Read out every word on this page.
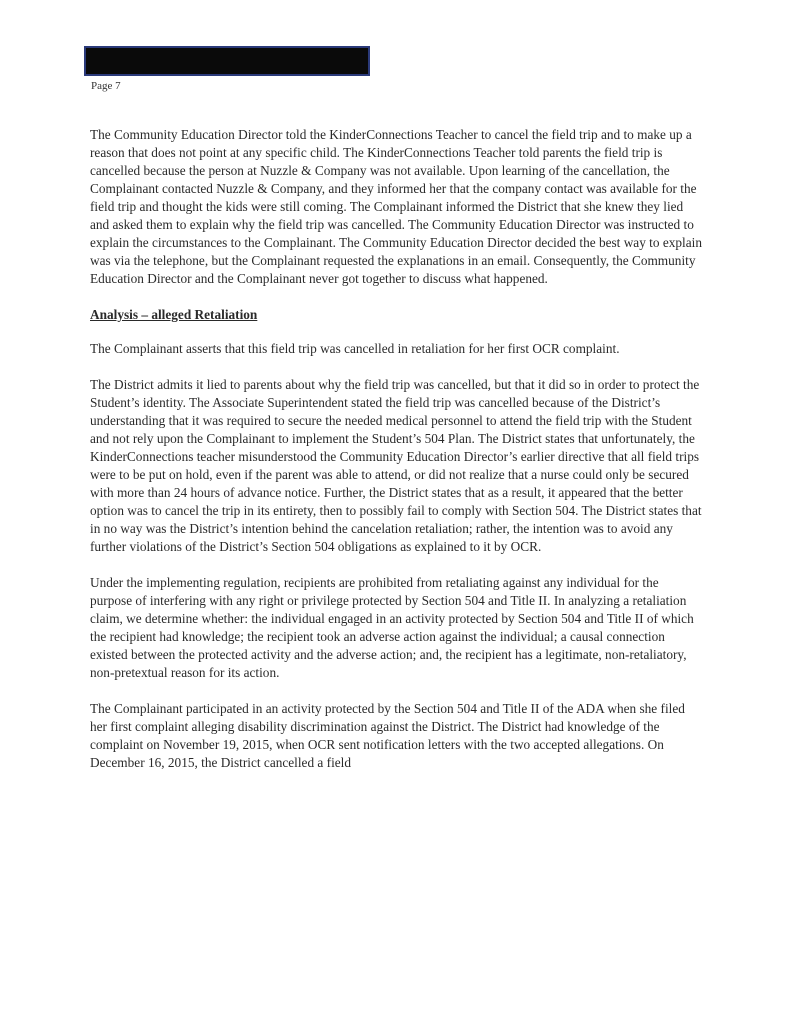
Page 7

The Community Education Director told the KinderConnections Teacher to cancel the field trip and to make up a reason that does not point at any specific child. The KinderConnections Teacher told parents the field trip is cancelled because the person at Nuzzle & Company was not available. Upon learning of the cancellation, the Complainant contacted Nuzzle & Company, and they informed her that the company contact was available for the field trip and thought the kids were still coming. The Complainant informed the District that she knew they lied and asked them to explain why the field trip was cancelled. The Community Education Director was instructed to explain the circumstances to the Complainant. The Community Education Director decided the best way to explain was via the telephone, but the Complainant requested the explanations in an email. Consequently, the Community Education Director and the Complainant never got together to discuss what happened.

Analysis – alleged Retaliation

The Complainant asserts that this field trip was cancelled in retaliation for her first OCR complaint.

The District admits it lied to parents about why the field trip was cancelled, but that it did so in order to protect the Student’s identity. The Associate Superintendent stated the field trip was cancelled because of the District’s understanding that it was required to secure the needed medical personnel to attend the field trip with the Student and not rely upon the Complainant to implement the Student’s 504 Plan. The District states that unfortunately, the KinderConnections teacher misunderstood the Community Education Director’s earlier directive that all field trips were to be put on hold, even if the parent was able to attend, or did not realize that a nurse could only be secured with more than 24 hours of advance notice. Further, the District states that as a result, it appeared that the better option was to cancel the trip in its entirety, then to possibly fail to comply with Section 504. The District states that in no way was the District’s intention behind the cancelation retaliation; rather, the intention was to avoid any further violations of the District’s Section 504 obligations as explained to it by OCR.

Under the implementing regulation, recipients are prohibited from retaliating against any individual for the purpose of interfering with any right or privilege protected by Section 504 and Title II. In analyzing a retaliation claim, we determine whether: the individual engaged in an activity protected by Section 504 and Title II of which the recipient had knowledge; the recipient took an adverse action against the individual; a causal connection existed between the protected activity and the adverse action; and, the recipient has a legitimate, non-retaliatory, non-pretextual reason for its action.

The Complainant participated in an activity protected by the Section 504 and Title II of the ADA when she filed her first complaint alleging disability discrimination against the District. The District had knowledge of the complaint on November 19, 2015, when OCR sent notification letters with the two accepted allegations. On December 16, 2015, the District cancelled a field
